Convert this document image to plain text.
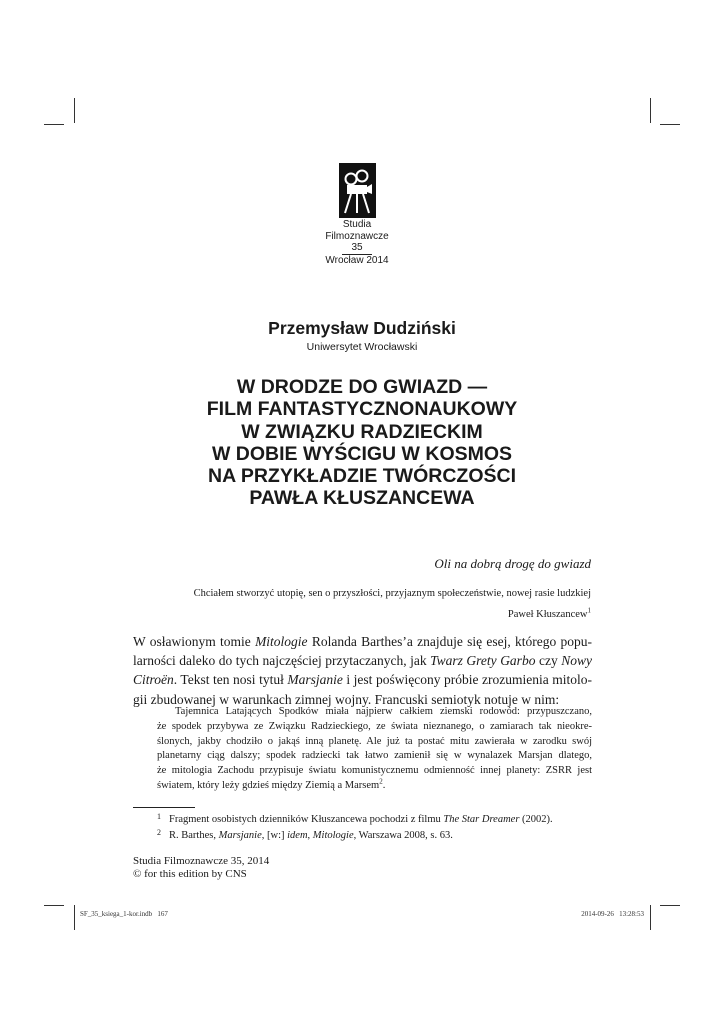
Studia
Filmoznawcze
35
Wrocław 2014
Przemysław Dudziński
Uniwersytet Wrocławski
W DRODZE DO GWIAZD —
FILM FANTASTYCZNONAUKOWY
W ZWIĄZKU RADZIECKIM
W DOBIE WYŚCIGU W KOSMOS
NA PRZYKŁADZIE TWÓRCZOŚCI
PAWŁA KŁUSZANCEWA
Oli na dobrą drogę do gwiazd
Chciałem stworzyć utopię, sen o przyszłości, przyjaznym społeczeństwie, nowej rasie ludzkiej
Paweł Kłuszancew$^1$
W osławionym tomie Mitologie Rolanda Barthes’a znajduje się esej, którego popu-
larności daleko do tych najczęściej przytaczanych, jak Twarz Grety Garbo czy Nowy
Citroën. Tekst ten nosi tytuł Marsjanie i jest poświęcony próbie zrozumienia mitolo-
gii zbudowanej w warunkach zimnej wojny. Francuski semiotyk notuje w nim:
Tajemnica Latających Spodków miała najpierw całkiem ziemski rodowód: przypuszczano,
że spodek przybywa ze Związku Radzieckiego, ze świata nieznanego, o zamiarach tak nieokre-
ślonych, jakby chodziło o jakąś inną planetę. Ale już ta postać mitu zawierała w zarodku swój
planetarny ciąg dalszy; spodek radziecki tak łatwo zamienił się w wynalazek Marsjan dlatego,
że mitologia Zachodu przypisuje światu komunistycznemu odmienność innej planety: ZSRR jest
światem, który leży gdzieś między Ziemią a Marsem$^2$.
1 Fragment osobistych dzienników Kłuszancewa pochodzi z filmu The Star Dreamer (2002).
2 R. Barthes, Marsjanie, [w:] idem, Mitologie, Warszawa 2008, s. 63.
Studia Filmoznawcze 35, 2014
© for this edition by CNS
SF_35_ksiega_1-kor.indb   167	2014-09-26   13:28:53
